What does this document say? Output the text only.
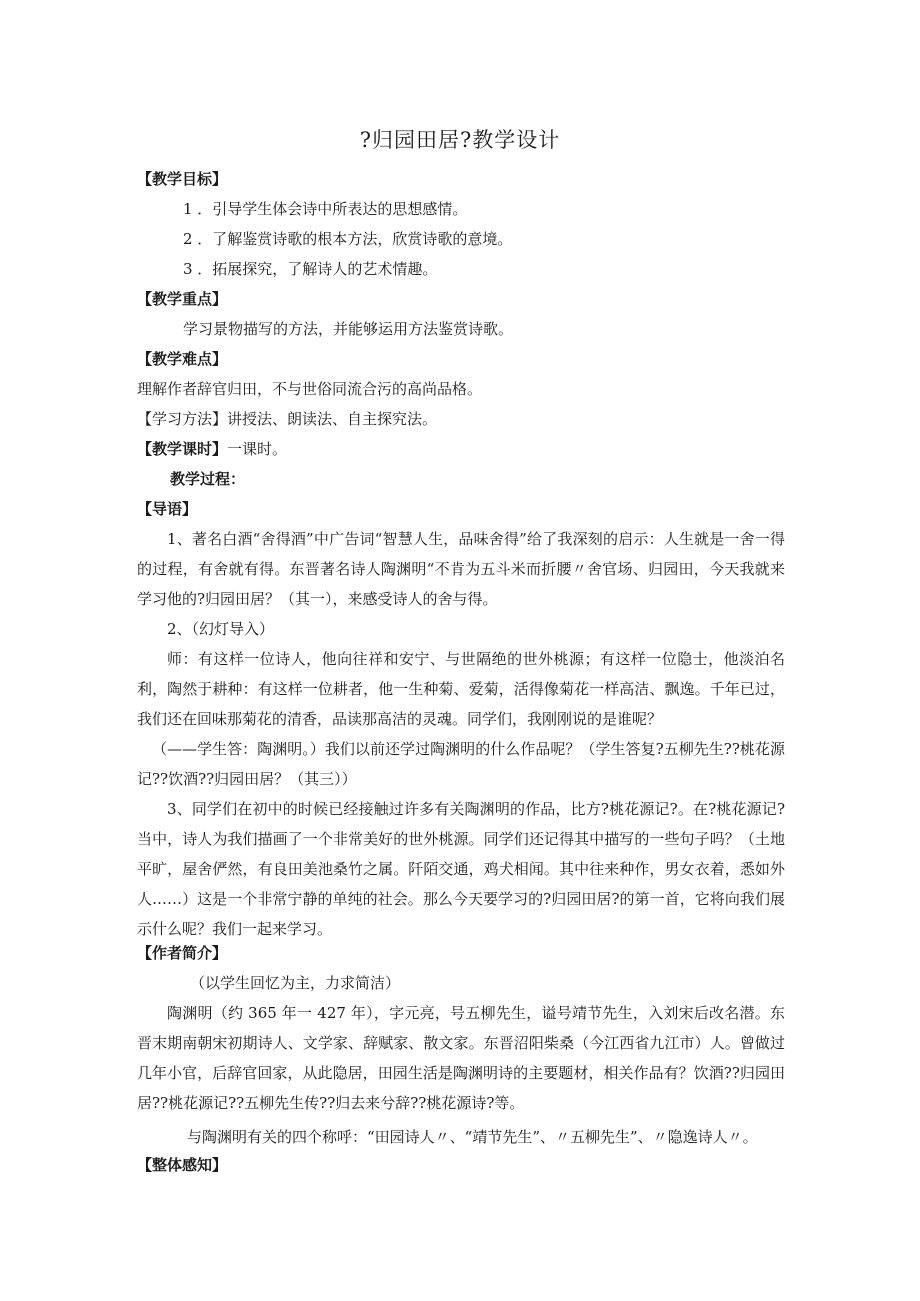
?归园田居?教学设计
【教学目标】
1 ．引导学生体会诗中所表达的思想感情。
2 ．了解鉴赏诗歌的根本方法，欣赏诗歌的意境。
3 ．拓展探究，了解诗人的艺术情趣。
【教学重点】
学习景物描写的方法，并能够运用方法鉴赏诗歌。
【教学难点】
理解作者辞官归田，不与世俗同流合污的高尚品格。
【学习方法】讲授法、朗读法、自主探究法。
【教学课时】一课时。
教学过程：
【导语】
1、著名白酒“舍得酒”中广告词“智慧人生，品味舍得”给了我深刻的启示：人生就是一舍一得的过程，有舍就有得。东晋著名诗人陶渊明“不肯为五斗米而折腰〃舍官场、归园田，今天我就来学习他的?归园田居？（其一），来感受诗人的舍与得。
2、（幻灯导入）
师：有这样一位诗人，他向往祥和安宁、与世隔绝的世外桃源；有这样一位隐士，他淡泊名利，陶然于耕种：有这样一位耕者，他一生种菊、爱菊，活得像菊花一样高洁、飘逸。千年已过，我们还在回味那菊花的清香，品读那高洁的灵魂。同学们，我刚刚说的是谁呢？
（——学生答：陶渊明。）我们以前还学过陶渊明的什么作品呢？（学生答复?五柳先生??桃花源记??饮酒??归园田居？（其三））
3、同学们在初中的时候已经接触过许多有关陶渊明的作品，比方?桃花源记?。在?桃花源记?当中，诗人为我们描画了一个非常美好的世外桃源。同学们还记得其中描写的一些句子吗？（土地平旷，屋舍俨然，有良田美池桑竹之属。阡陌交通，鸡犬相闻。其中往来种作，男女衣着，悉如外人……）这是一个非常宁静的单纯的社会。那么今天要学习的?归园田居?的第一首，它将向我们展示什么呢？我们一起来学习。
【作者简介】
（以学生回忆为主，力求简洁）
陶渊明（约 365 年一 427 年），字元亮，号五柳先生，谥号靖节先生，入刘宋后改名潜。东晋末期南朝宋初期诗人、文学家、辞赋家、散文家。东晋沼阳柴桑（今江西省九江市）人。曾做过几年小官，后辞官回家，从此隐居，田园生活是陶渊明诗的主要题材，相关作品有？饮酒??归园田居??桃花源记??五柳先生传??归去来兮辞??桃花源诗?等。
与陶渊明有关的四个称呼：“田园诗人〃、“靖节先生”、〃五柳先生”、〃隐逸诗人〃。
【整体感知】
